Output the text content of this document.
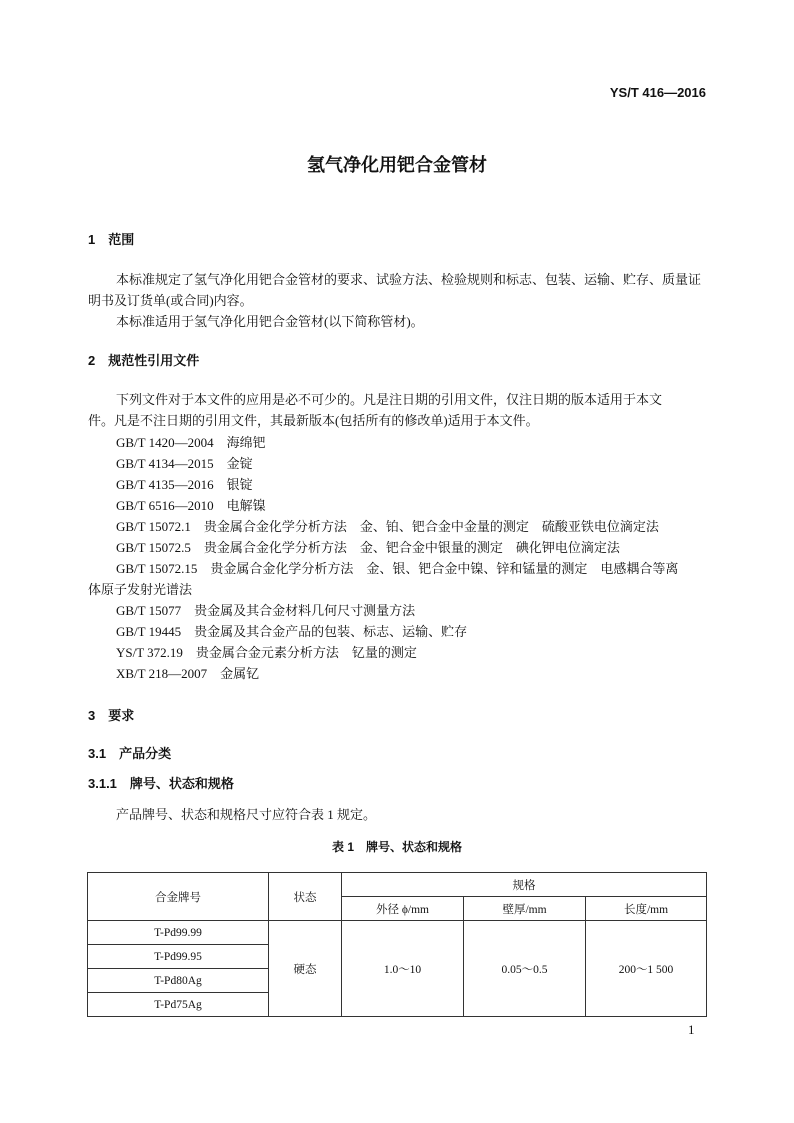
YS/T 416—2016
氢气净化用钯合金管材
1　范围
本标准规定了氢气净化用钯合金管材的要求、试验方法、检验规则和标志、包装、运输、贮存、质量证
明书及订货单(或合同)内容。
本标准适用于氢气净化用钯合金管材(以下简称管材)。
2　规范性引用文件
下列文件对于本文件的应用是必不可少的。凡是注日期的引用文件，仅注日期的版本适用于本文
件。凡是不注日期的引用文件，其最新版本(包括所有的修改单)适用于本文件。
GB/T 1420—2004　海绵钯
GB/T 4134—2015　金锭
GB/T 4135—2016　银锭
GB/T 6516—2010　电解镍
GB/T 15072.1　贵金属合金化学分析方法　金、铂、钯合金中金量的测定　硫酸亚铁电位滴定法
GB/T 15072.5　贵金属合金化学分析方法　金、钯合金中银量的测定　碘化钾电位滴定法
GB/T 15072.15　贵金属合金化学分析方法　金、银、钯合金中镍、锌和锰量的测定　电感耦合等离
体原子发射光谱法
GB/T 15077　贵金属及其合金材料几何尺寸测量方法
GB/T 19445　贵金属及其合金产品的包装、标志、运输、贮存
YS/T 372.19　贵金属合金元素分析方法　钇量的测定
XB/T 218—2007　金属钇
3　要求
3.1　产品分类
3.1.1　牌号、状态和规格
产品牌号、状态和规格尺寸应符合表 1 规定。
表 1　牌号、状态和规格
合金牌号	状态	规格		
		外径 ϕ/mm	壁厚/mm	长度/mm
T-Pd99.99	硬态	1.0～10	0.05～0.5	200～1 500
T-Pd99.95				
T-Pd80Ag				
T-Pd75Ag				
1
